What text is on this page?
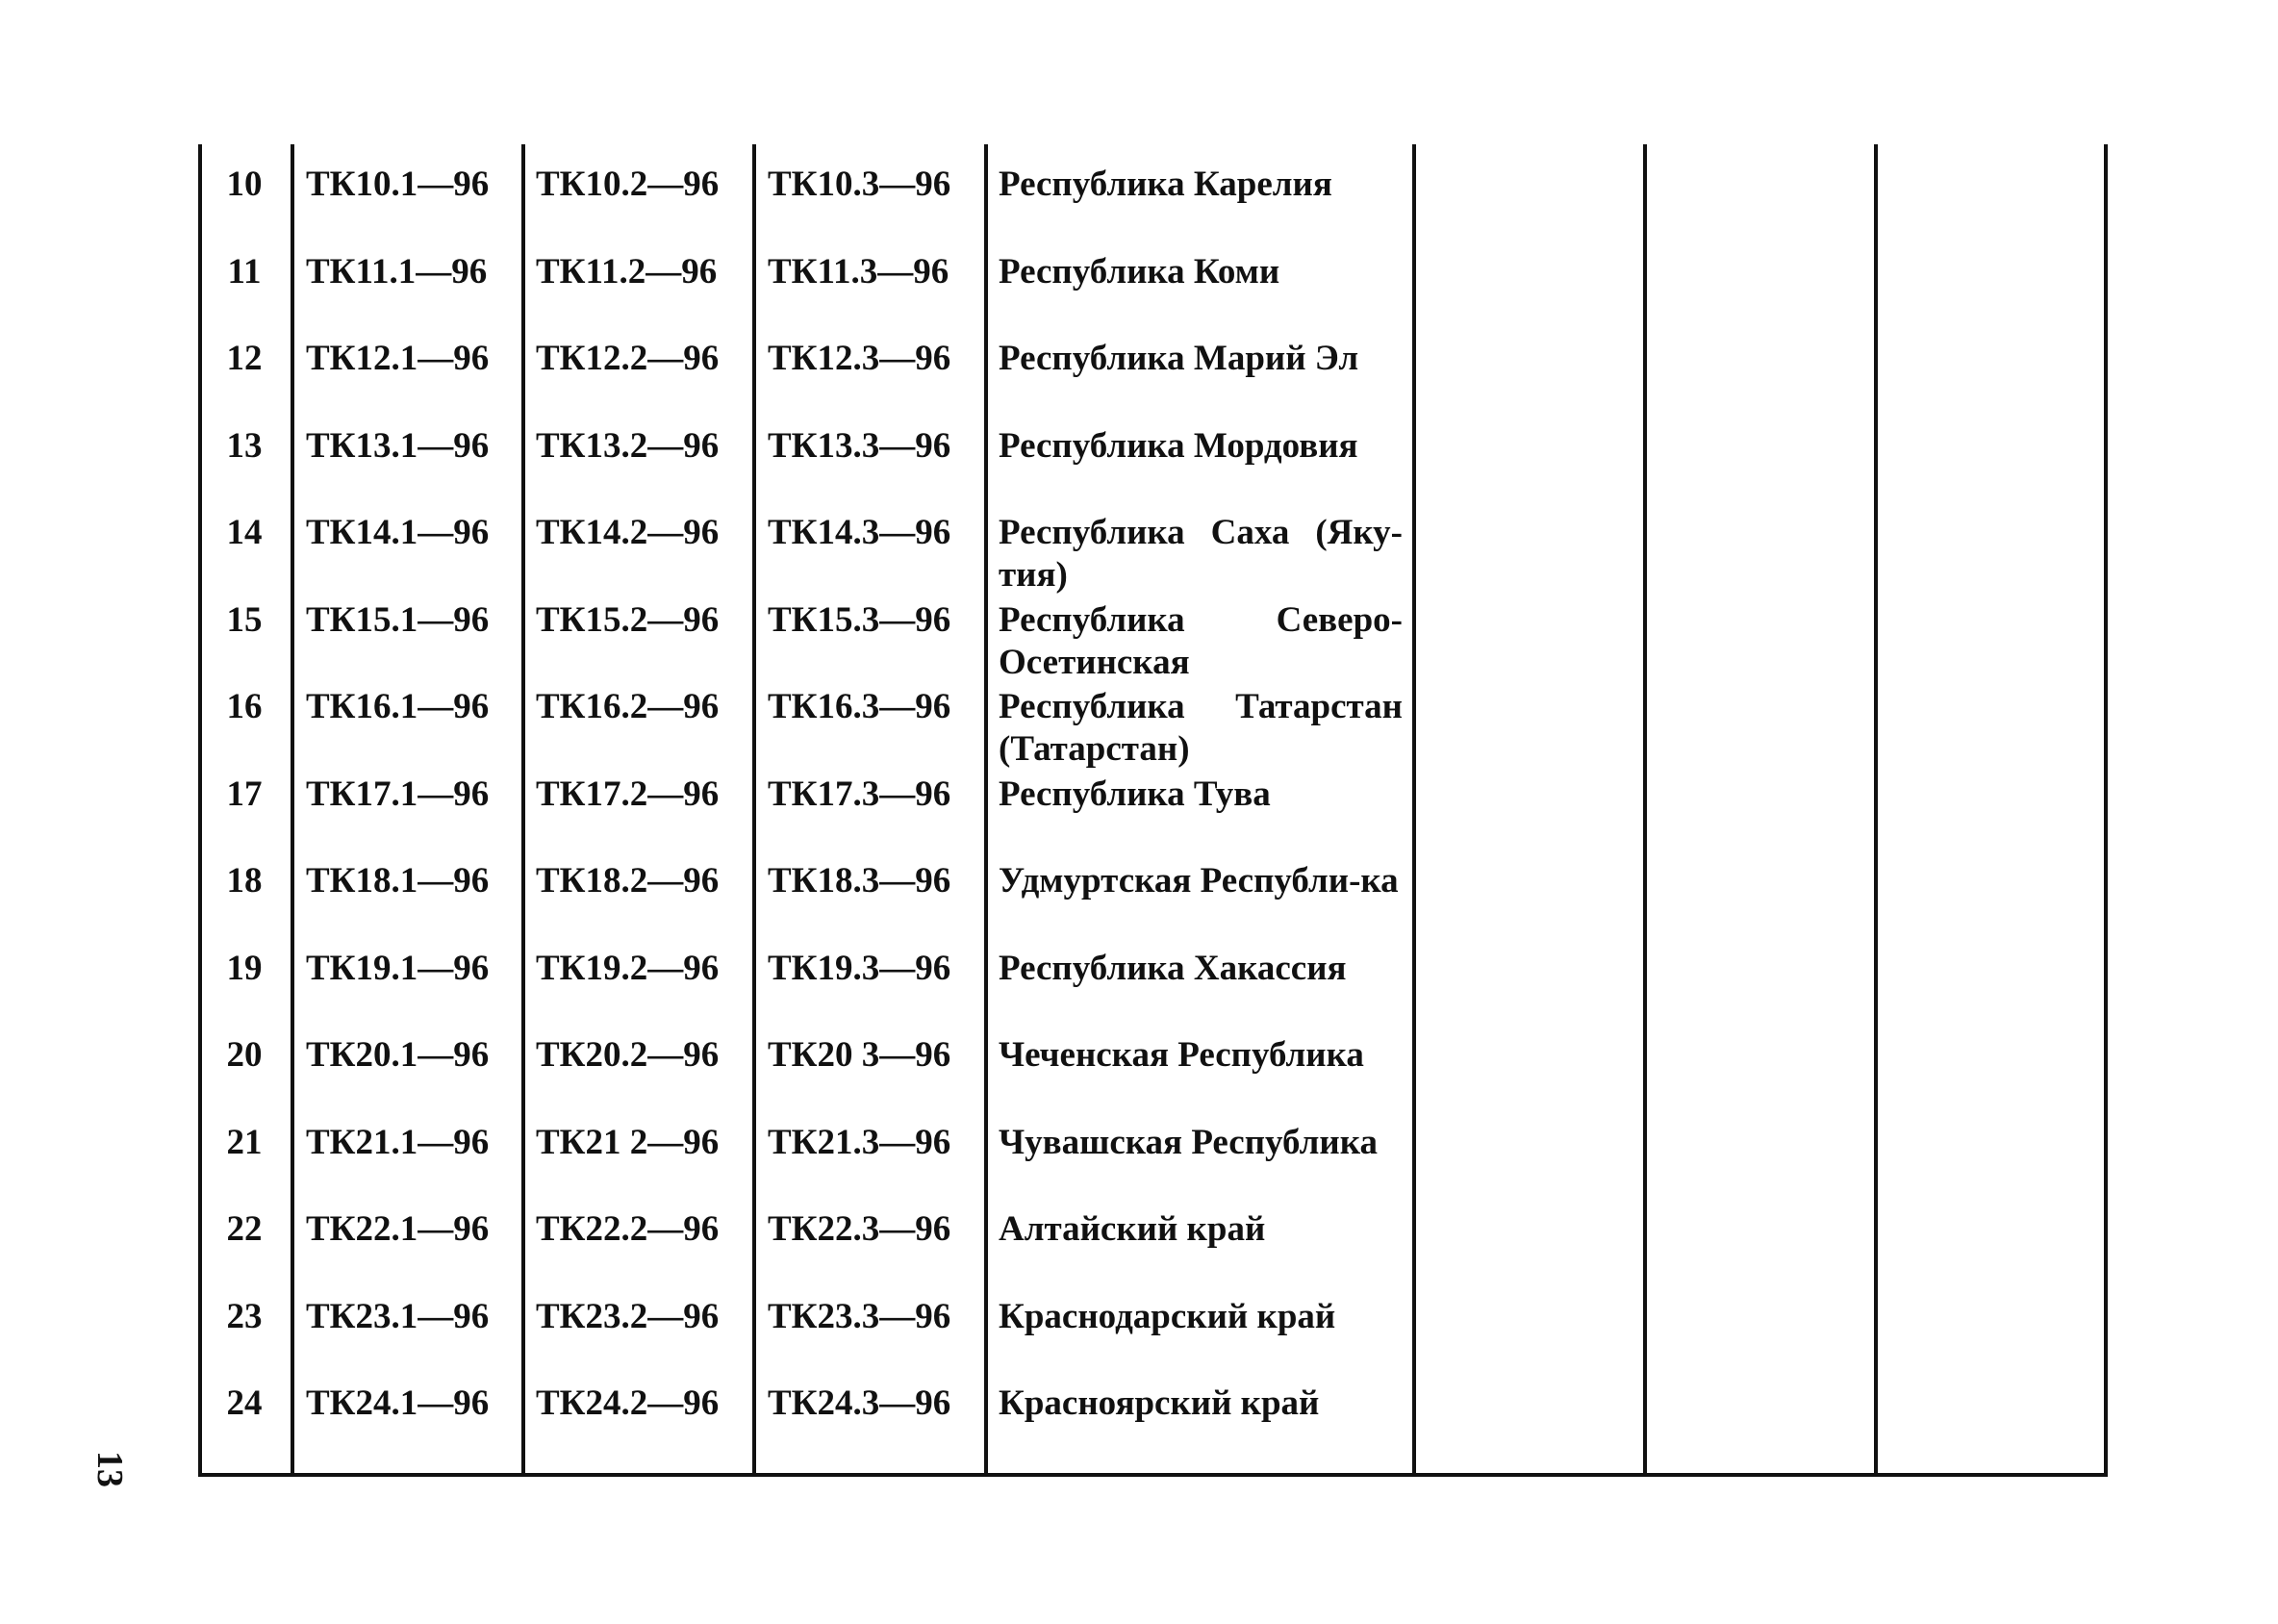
10	ТК10.1—96 ТК10.2—96 ТК10.3—96 Республика Карелия
11	ТК11.1—96 ТК11.2—96 ТК11.3—96 Республика Коми
12	ТК12.1—96 ТК12.2—96 ТК12.3—96 Республика Марий Эл
13	ТК13.1—96 ТК13.2—96 ТК13.3—96 Республика Мордовия
14	ТК14.1—96 ТК14.2—96 ТК14.3—96 Республика Саха (Яку-тия)
15	ТК15.1—96 ТК15.2—96 ТК15.3—96 Республика Северо-Осетинская
16	ТК16.1—96 ТК16.2—96 ТК16.3—96 Республика Татарстан (Татарстан)
17	ТК17.1—96 ТК17.2—96 ТК17.3—96 Республика Тува
18	ТК18.1—96 ТК18.2—96 ТК18.3—96 Удмуртская Республи-ка
19	ТК19.1—96 ТК19.2—96 ТК19.3—96 Республика Хакассия
20	ТК20.1—96 ТК20.2—96 ТК20 3—96 Чеченская Республика
21	ТК21.1—96 ТК21 2—96 ТК21.3—96 Чувашская Республика
22	ТК22.1—96 ТК22.2—96 ТК22.3—96 Алтайский край
23	ТК23.1—96 ТК23.2—96 ТК23.3—96 Краснодарский край
24	ТК24.1—96 ТК24.2—96 ТК24.3—96 Красноярский край
13
